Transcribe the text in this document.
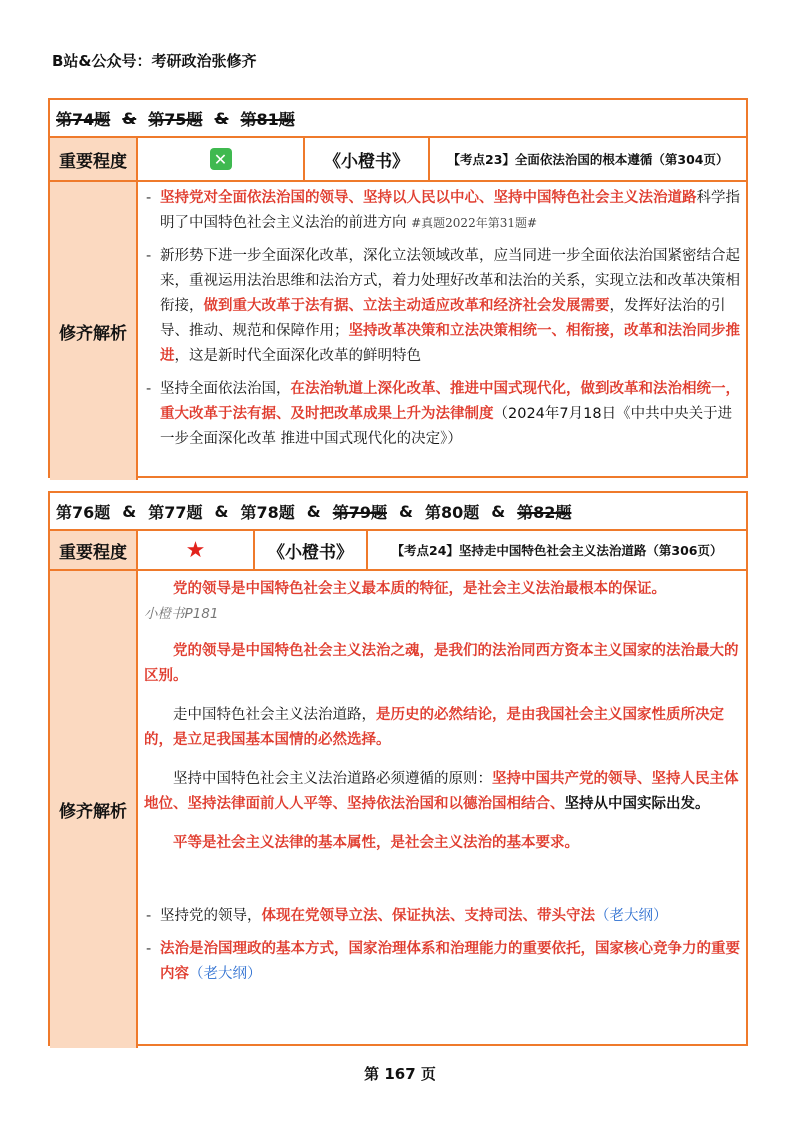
B站&公众号：考研政治张修齐
第74题 & 第75题 & 第81题
重要程度	✕	《小橙书》	【考点23】全面依法治国的根本遵循（第304页）
修齐解析

- 坚持党对全面依法治国的领导、坚持以人民以中心、坚持中国特色社会主义法治道路科学指明了中国特色社会主义法治的前进方向 #真题2022年第31题#

- 新形势下进一步全面深化改革，深化立法领域改革，应当同进一步全面依法治国紧密结合起来，重视运用法治思维和法治方式，着力处理好改革和法治的关系，实现立法和改革决策相衔接，做到重大改革于法有据、立法主动适应改革和经济社会发展需要，发挥好法治的引导、推动、规范和保障作用；坚持改革决策和立法决策相统一、相衔接，改革和法治同步推进，这是新时代全面深化改革的鲜明特色

- 坚持全面依法治国，在法治轨道上深化改革、推进中国式现代化，做到改革和法治相统一，重大改革于法有据、及时把改革成果上升为法律制度（2024年7月18日《中共中央关于进一步全面深化改革 推进中国式现代化的决定》）

第76题 & 第77题 & 第78题 & 第79题 & 第80题 & 第82题
重要程度	★	《小橙书》	【考点24】坚持走中国特色社会主义法治道路（第306页）
修齐解析

党的领导是中国特色社会主义最本质的特征，是社会主义法治最根本的保证。

小橙书P181

党的领导是中国特色社会主义法治之魂，是我们的法治同西方资本主义国家的法治最大的区别。

走中国特色社会主义法治道路，是历史的必然结论，是由我国社会主义国家性质所决定的，是立足我国基本国情的必然选择。

坚持中国特色社会主义法治道路必须遵循的原则：坚持中国共产党的领导、坚持人民主体地位、坚持法律面前人人平等、坚持依法治国和以德治国相结合、坚持从中国实际出发。

平等是社会主义法律的基本属性，是社会主义法治的基本要求。

- 坚持党的领导，体现在党领导立法、保证执法、支持司法、带头守法（老大纲）

- 法治是治国理政的基本方式，国家治理体系和治理能力的重要依托，国家核心竞争力的重要内容（老大纲）

第 167 页
